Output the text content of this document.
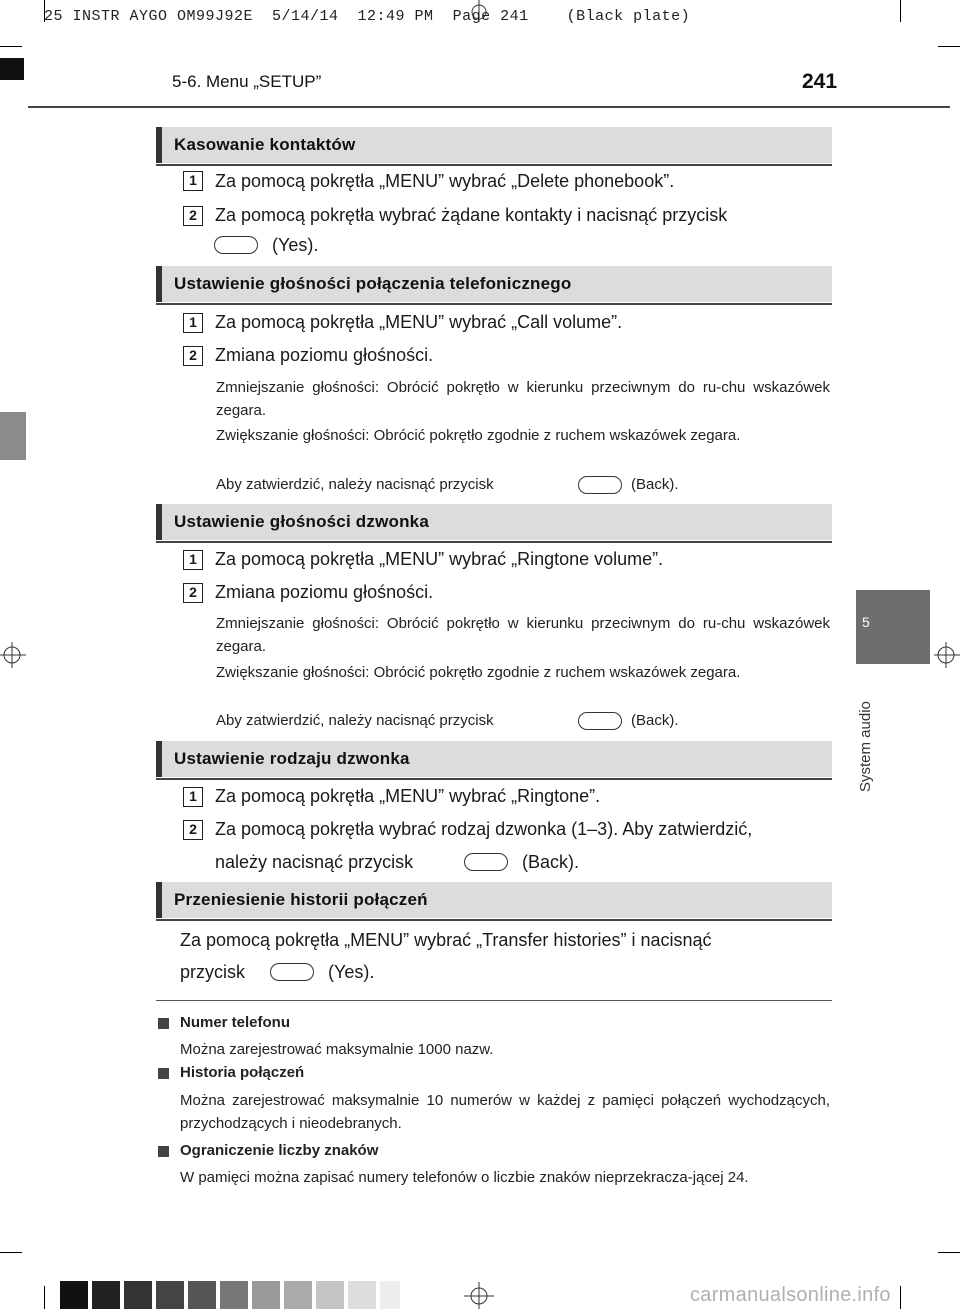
25 INSTR AYGO OM99J92E  5/14/14  12:49 PM  Page 241    (Black plate)
5-6. Menu „SETUP”	241
5
System audio
Kasowanie kontaktów
1	Za pomocą pokrętła „MENU” wybrać „Delete phonebook”.
2	Za pomocą pokrętła wybrać żądane kontakty i nacisnąć przycisk
(Yes).
Ustawienie głośności połączenia telefonicznego
1	Za pomocą pokrętła „MENU” wybrać „Call volume”.
2	Zmiana poziomu głośności.
Zmniejszanie głośności: Obrócić pokrętło w kierunku przeciwnym do ru-chu wskazówek zegara.
Zwiększanie głośności: Obrócić pokrętło zgodnie z ruchem wskazówek zegara.
Aby zatwierdzić, należy nacisnąć przycisk	(Back).
Ustawienie głośności dzwonka
1	Za pomocą pokrętła „MENU” wybrać „Ringtone volume”.
2	Zmiana poziomu głośności.
Zmniejszanie głośności: Obrócić pokrętło w kierunku przeciwnym do ru-chu wskazówek zegara.
Zwiększanie głośności: Obrócić pokrętło zgodnie z ruchem wskazówek zegara.
Aby zatwierdzić, należy nacisnąć przycisk	(Back).
Ustawienie rodzaju dzwonka
1	Za pomocą pokrętła „MENU” wybrać „Ringtone”.
2	Za pomocą pokrętła wybrać rodzaj dzwonka (1–3). Aby zatwierdzić,
należy nacisnąć przycisk	(Back).
Przeniesienie historii połączeń
Za pomocą pokrętła „MENU” wybrać „Transfer histories” i nacisnąć
przycisk	(Yes).
Numer telefonu
Można zarejestrować maksymalnie 1000 nazw.
Historia połączeń
Można zarejestrować maksymalnie 10 numerów w każdej z pamięci połączeń wychodzących, przychodzących i nieodebranych.
Ograniczenie liczby znaków
W pamięci można zapisać numery telefonów o liczbie znaków nieprzekracza-jącej 24.
carmanualsonline.info
